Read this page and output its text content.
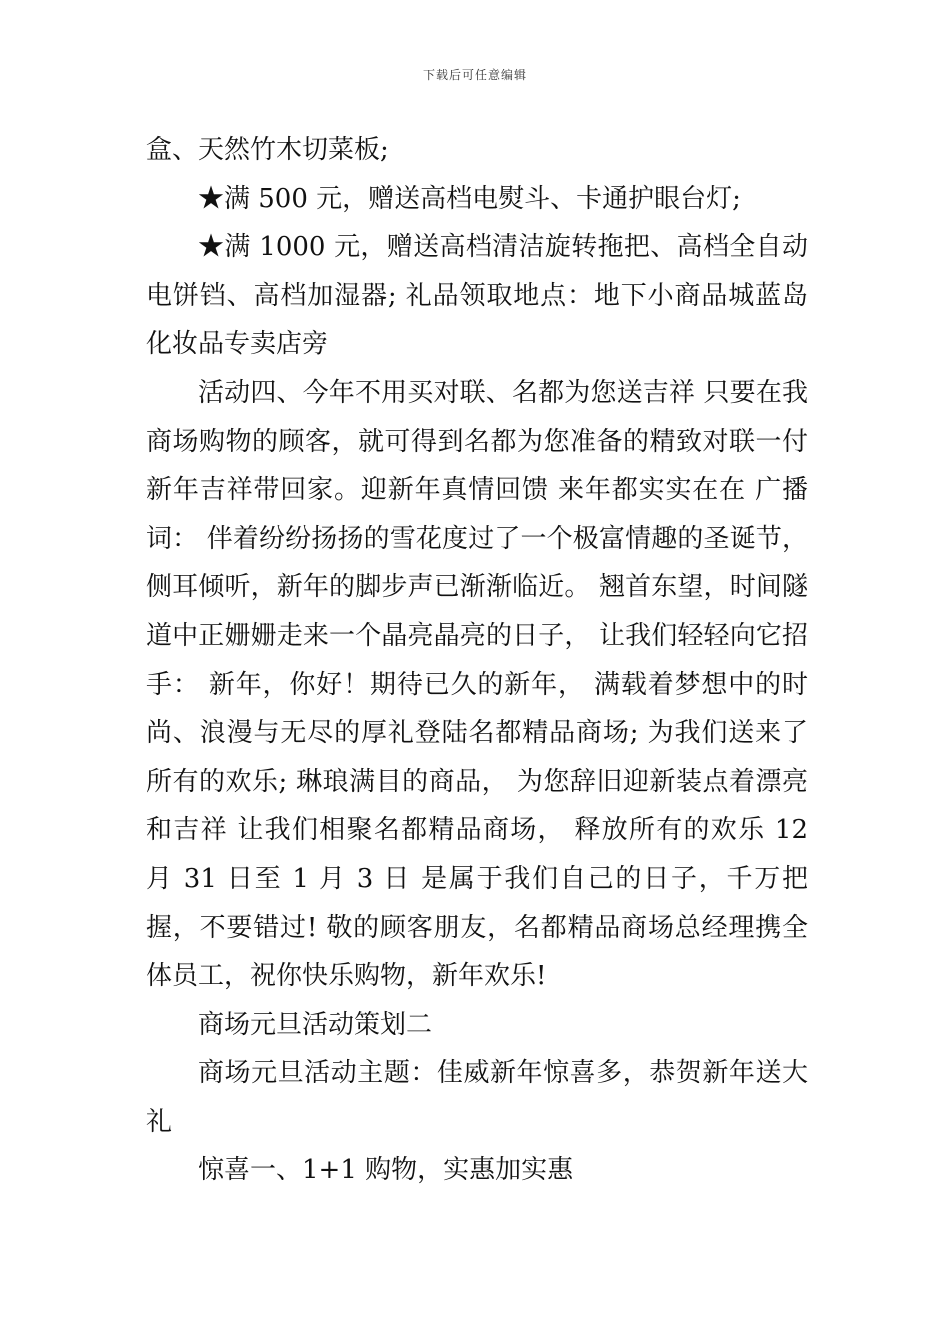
下载后可任意编辑

盒、天然竹木切菜板;

★满 500 元，赠送高档电熨斗、卡通护眼台灯;

★满 1000 元，赠送高档清洁旋转拖把、高档全自动电饼铛、高档加湿器; 礼品领取地点：地下小商品城蓝岛化妆品专卖店旁

活动四、今年不用买对联、名都为您送吉祥 只要在我商场购物的顾客，就可得到名都为您准备的精致对联一付新年吉祥带回家。迎新年真情回馈 来年都实实在在 广播词： 伴着纷纷扬扬的雪花度过了一个极富情趣的圣诞节，侧耳倾听，新年的脚步声已渐渐临近。 翘首东望，时间隧道中正姗姗走来一个晶亮晶亮的日子， 让我们轻轻向它招手： 新年，你好！期待已久的新年， 满载着梦想中的时尚、浪漫与无尽的厚礼登陆名都精品商场; 为我们送来了所有的欢乐; 琳琅满目的商品， 为您辞旧迎新装点着漂亮和吉祥 让我们相聚名都精品商场， 释放所有的欢乐 12 月 31 日至 1 月 3 日 是属于我们自己的日子，千万把握，不要错过! 敬的顾客朋友，名都精品商场总经理携全体员工，祝你快乐购物，新年欢乐!

商场元旦活动策划二

商场元旦活动主题：佳威新年惊喜多，恭贺新年送大礼

惊喜一、1+1 购物，实惠加实惠
